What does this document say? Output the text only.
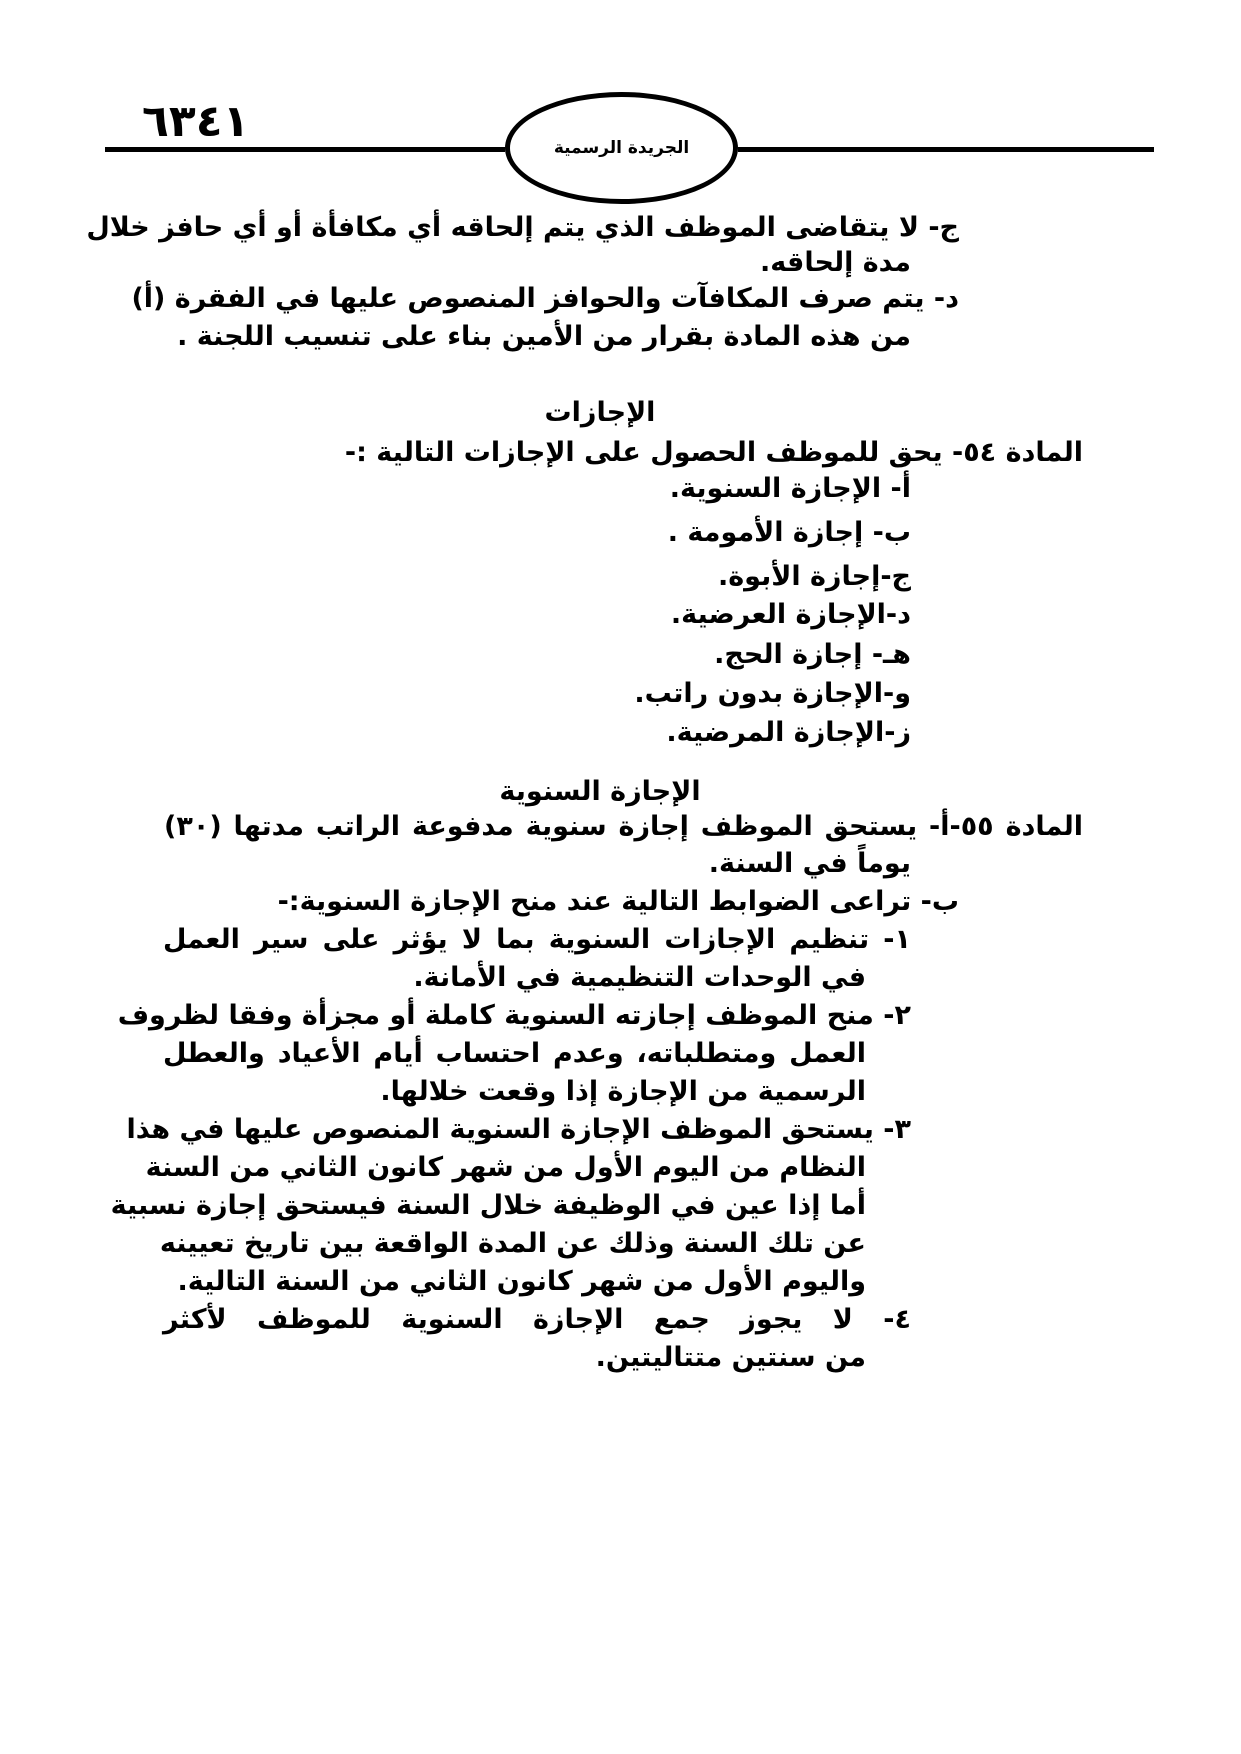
٦٣٤١
الجريدة الرسمية
ج- لا يتقاضى الموظف الذي يتم إلحاقه أي مكافأة أو أي حافز خلال
مدة إلحاقه.
د- يتم صرف المكافآت والحوافز المنصوص عليها في الفقرة (أ)
من هذه المادة بقرار من الأمين بناء على تنسيب اللجنة .
الإجازات
المادة ٥٤- يحق للموظف الحصول على الإجازات التالية :-
أ- الإجازة السنوية.
ب- إجازة الأمومة .
ج-إجازة الأبوة.
د-الإجازة العرضية.
هـ- إجازة الحج.
و-الإجازة بدون راتب.
ز-الإجازة المرضية.
الإجازة السنوية
المادة ٥٥-أ- يستحق الموظف إجازة سنوية مدفوعة الراتب مدتها (٣٠)
يوماً في السنة.
ب- تراعى الضوابط التالية عند منح الإجازة السنوية:-
١- تنظيم الإجازات السنوية بما لا يؤثر على سير العمل
في الوحدات التنظيمية في الأمانة.
٢- منح الموظف إجازته السنوية كاملة أو مجزأة وفقا لظروف
العمل ومتطلباته، وعدم احتساب أيام الأعياد والعطل
الرسمية من الإجازة إذا وقعت خلالها.
٣- يستحق الموظف الإجازة السنوية المنصوص عليها في هذا
النظام من اليوم الأول من شهر كانون الثاني من السنة
أما إذا عين في الوظيفة خلال السنة فيستحق إجازة نسبية
عن تلك السنة وذلك عن المدة الواقعة بين تاريخ تعيينه
واليوم الأول من شهر كانون الثاني من السنة التالية.
٤- لا يجوز جمع الإجازة السنوية للموظف لأكثر
من سنتين متتاليتين.
